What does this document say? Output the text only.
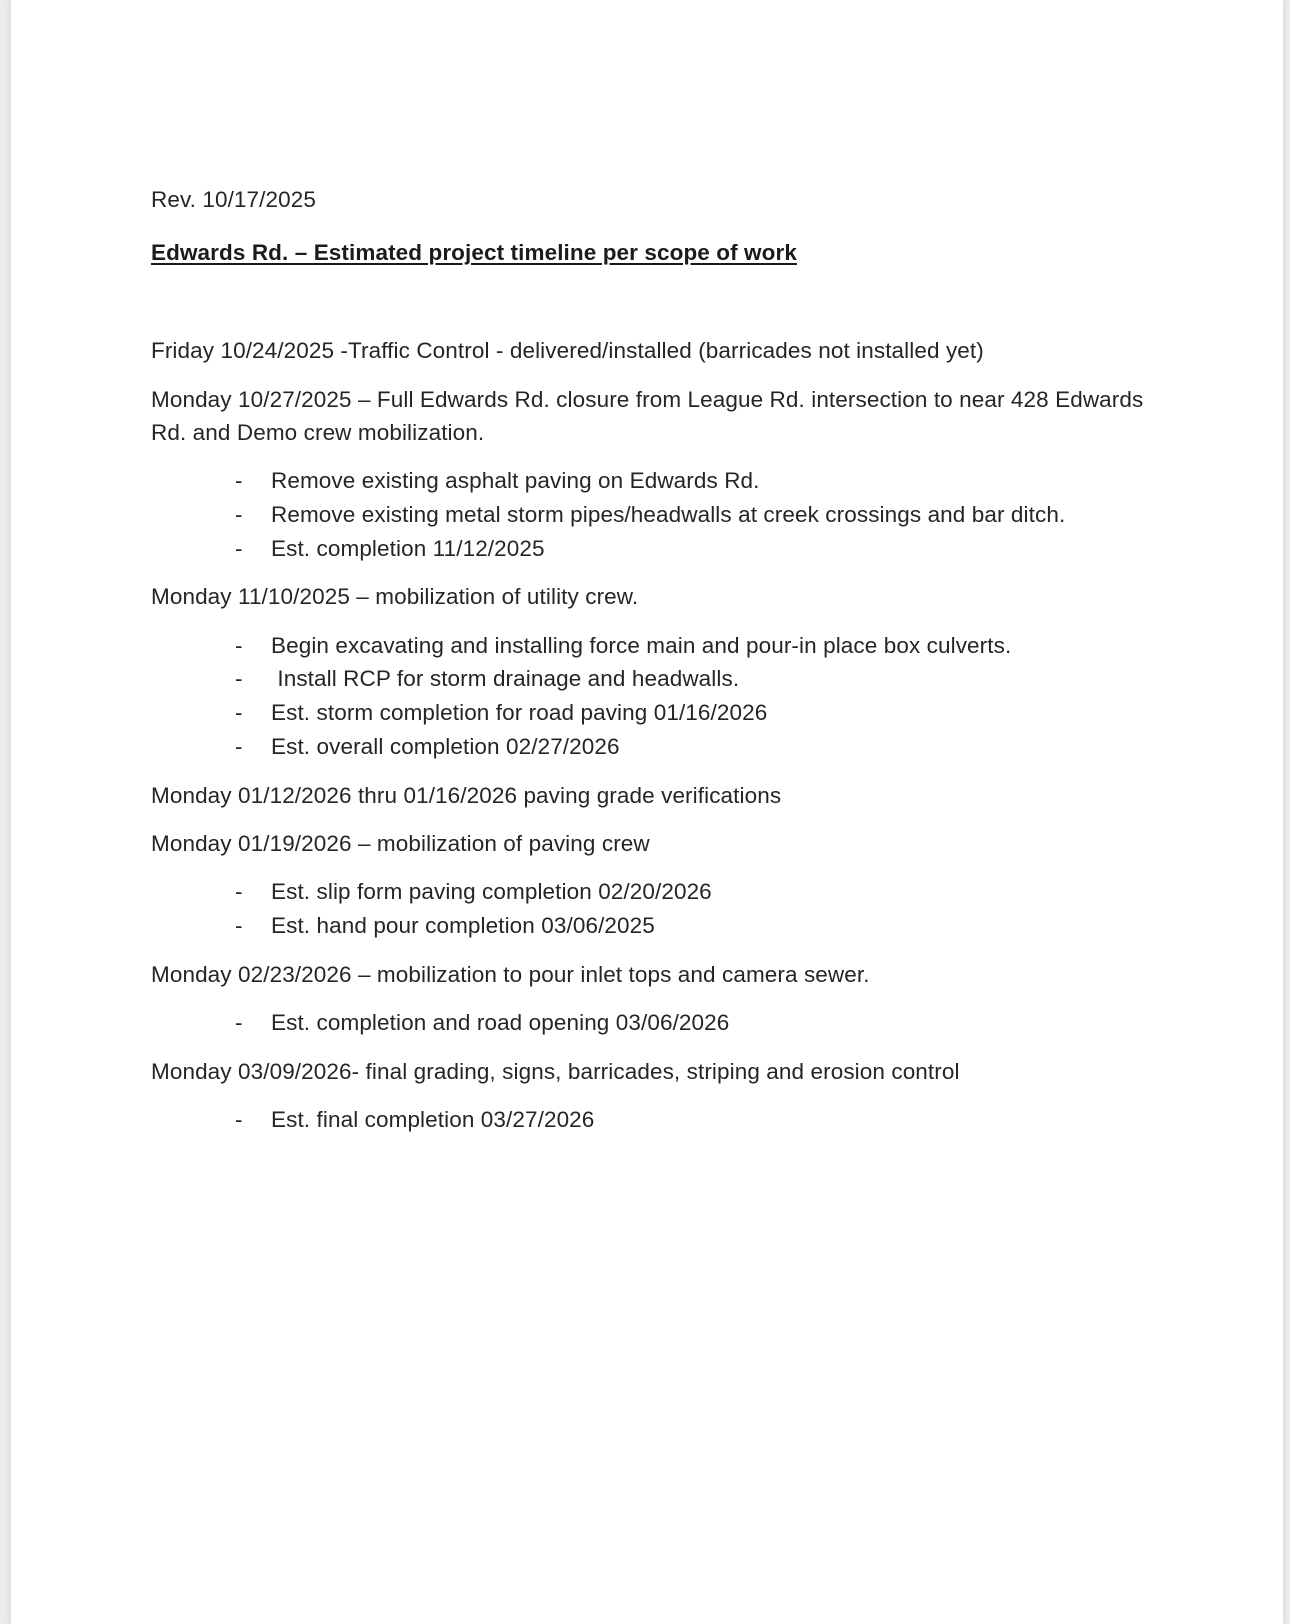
Rev. 10/17/2025

Edwards Rd. – Estimated project timeline per scope of work

Friday 10/24/2025 -Traffic Control - delivered/installed (barricades not installed yet)

Monday 10/27/2025 – Full Edwards Rd. closure from League Rd. intersection to near 428 Edwards Rd. and Demo crew mobilization.

- Remove existing asphalt paving on Edwards Rd.
- Remove existing metal storm pipes/headwalls at creek crossings and bar ditch.
- Est. completion 11/12/2025

Monday 11/10/2025 – mobilization of utility crew.

- Begin excavating and installing force main and pour-in place box culverts.
- Install RCP for storm drainage and headwalls.
- Est. storm completion for road paving 01/16/2026
- Est. overall completion 02/27/2026

Monday 01/12/2026 thru 01/16/2026 paving grade verifications

Monday 01/19/2026 – mobilization of paving crew

- Est. slip form paving completion 02/20/2026
- Est. hand pour completion 03/06/2025

Monday 02/23/2026 – mobilization to pour inlet tops and camera sewer.

- Est. completion and road opening 03/06/2026

Monday 03/09/2026- final grading, signs, barricades, striping and erosion control

- Est. final completion 03/27/2026
